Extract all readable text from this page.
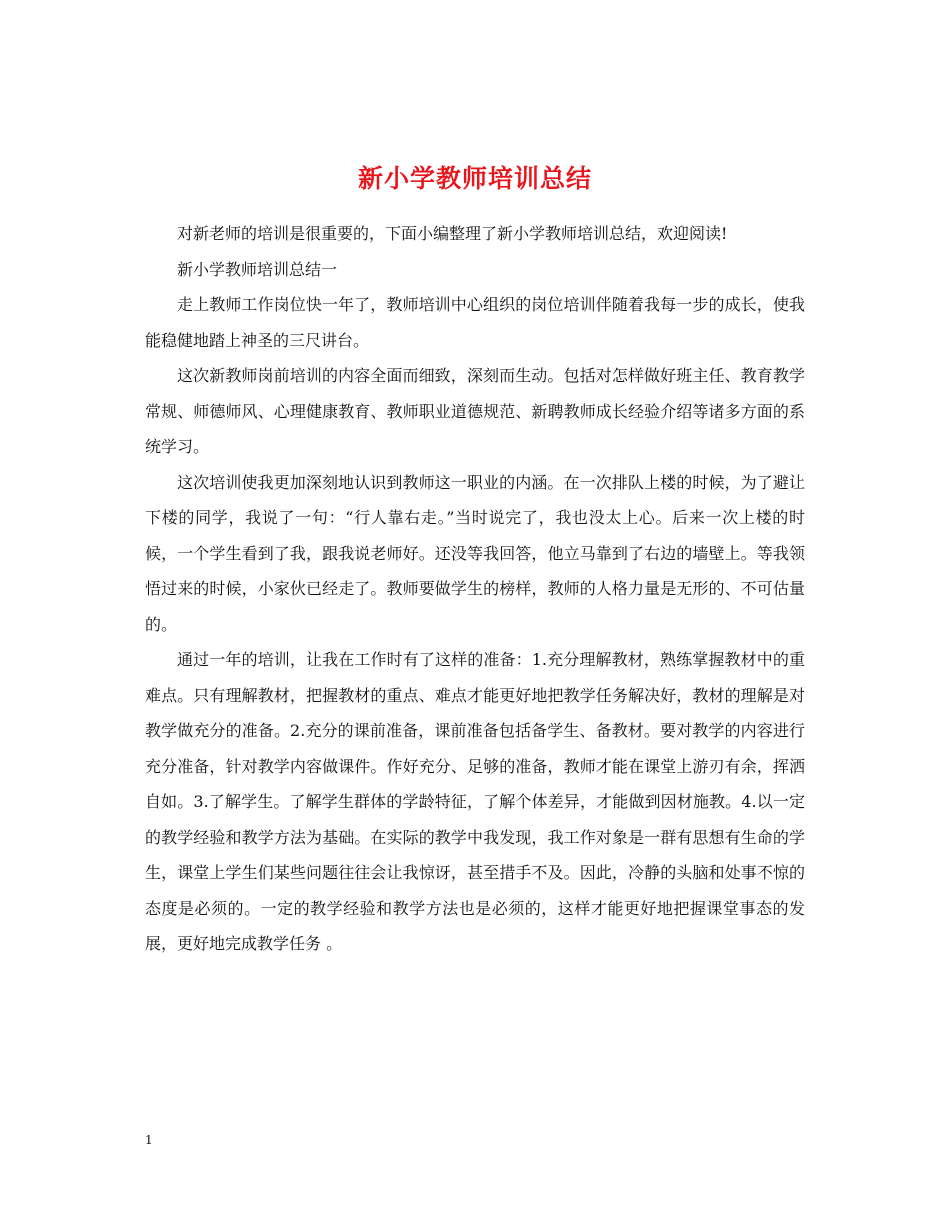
新小学教师培训总结

对新老师的培训是很重要的，下面小编整理了新小学教师培训总结，欢迎阅读!

新小学教师培训总结一

走上教师工作岗位快一年了，教师培训中心组织的岗位培训伴随着我每一步的成长，使我能稳健地踏上神圣的三尺讲台。

这次新教师岗前培训的内容全面而细致，深刻而生动。包括对怎样做好班主任、教育教学常规、师德师风、心理健康教育、教师职业道德规范、新聘教师成长经验介绍等诸多方面的系统学习。

这次培训使我更加深刻地认识到教师这一职业的内涵。在一次排队上楼的时候，为了避让下楼的同学，我说了一句：“行人靠右走。”当时说完了，我也没太上心。后来一次上楼的时候，一个学生看到了我，跟我说老师好。还没等我回答，他立马靠到了右边的墙壁上。等我领悟过来的时候，小家伙已经走了。教师要做学生的榜样，教师的人格力量是无形的、不可估量的。

通过一年的培训，让我在工作时有了这样的准备：1.充分理解教材，熟练掌握教材中的重难点。只有理解教材，把握教材的重点、难点才能更好地把教学任务解决好，教材的理解是对教学做充分的准备。2.充分的课前准备，课前准备包括备学生、备教材。要对教学的内容进行充分准备，针对教学内容做课件。作好充分、足够的准备，教师才能在课堂上游刃有余，挥洒自如。3.了解学生。了解学生群体的学龄特征，了解个体差异，才能做到因材施教。4.以一定的教学经验和教学方法为基础。在实际的教学中我发现，我工作对象是一群有思想有生命的学生，课堂上学生们某些问题往往会让我惊讶，甚至措手不及。因此，冷静的头脑和处事不惊的态度是必须的。一定的教学经验和教学方法也是必须的，这样才能更好地把握课堂事态的发展，更好地完成教学任务 。

1
